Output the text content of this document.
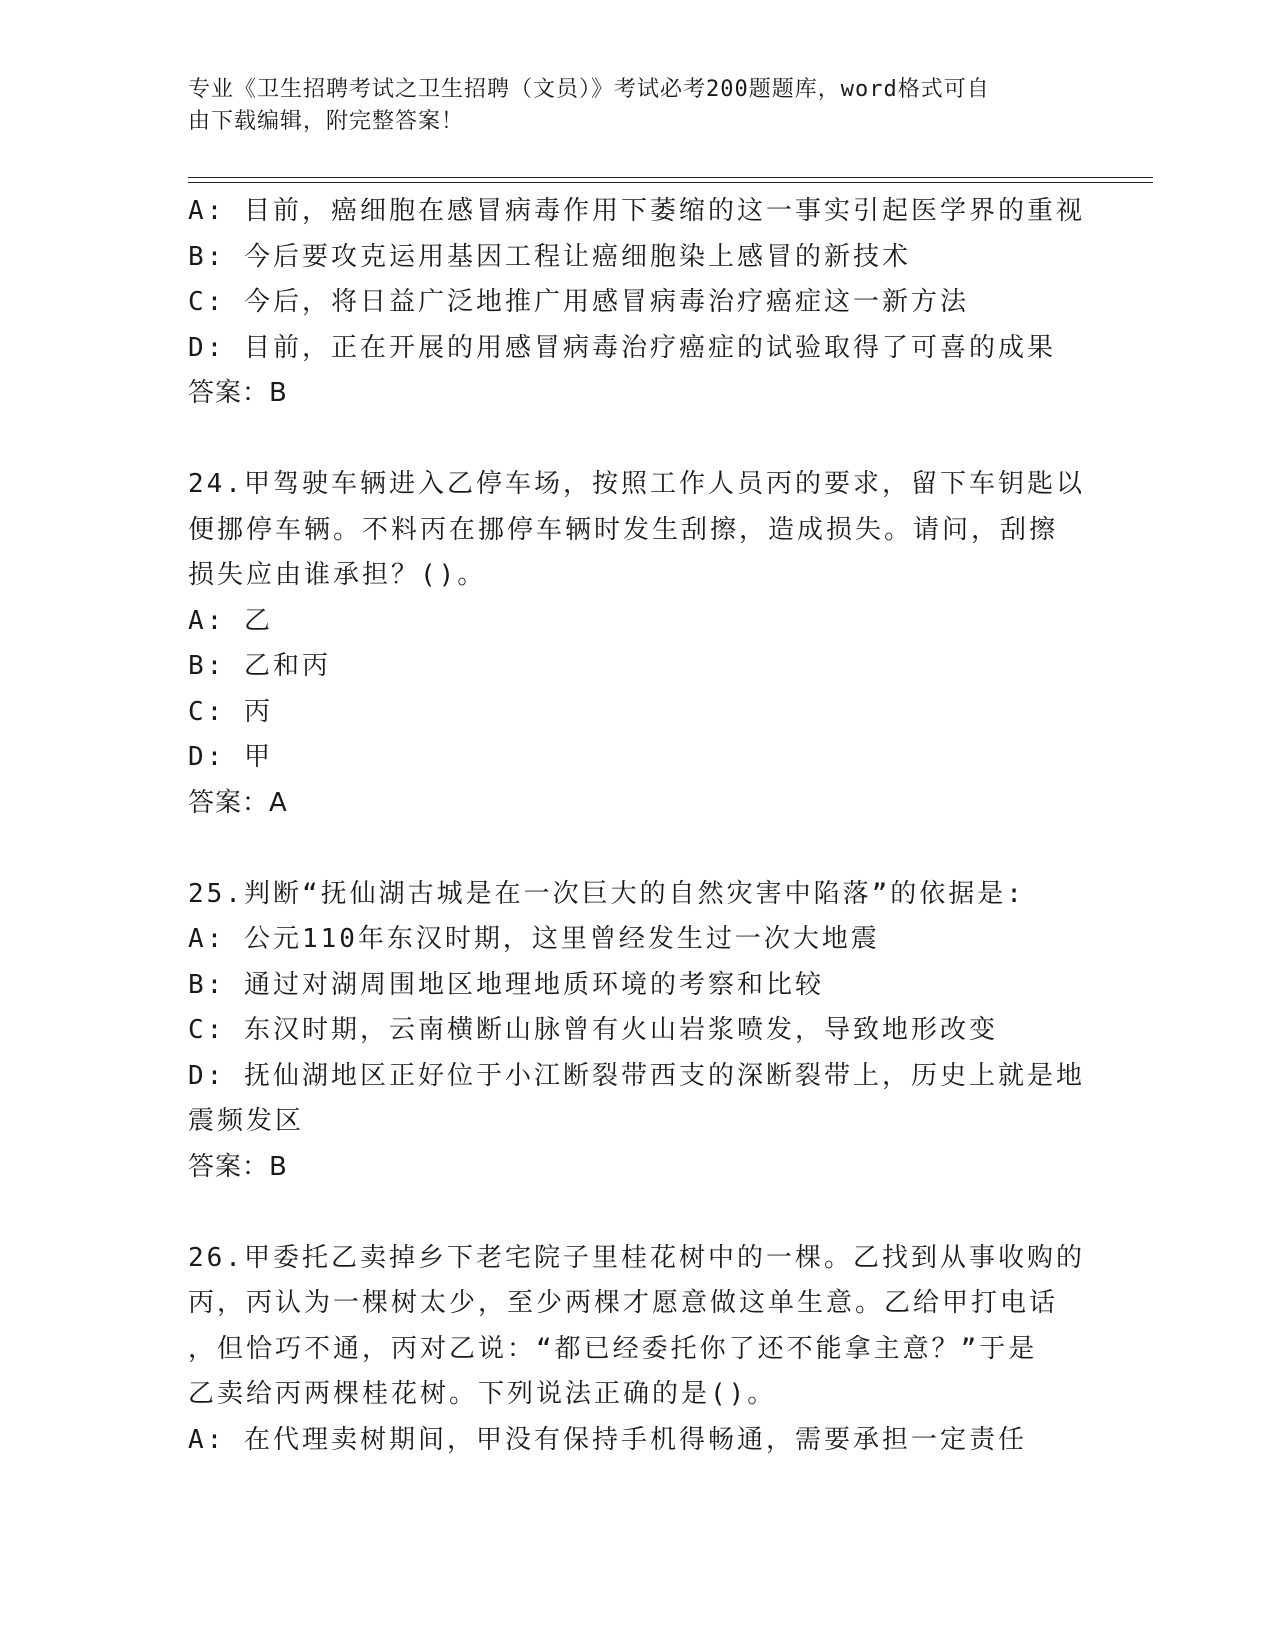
专业《卫生招聘考试之卫生招聘（文员）》考试必考200题题库，word格式可自
由下载编辑，附完整答案！
A: 目前，癌细胞在感冒病毒作用下萎缩的这一事实引起医学界的重视
B: 今后要攻克运用基因工程让癌细胞染上感冒的新技术
C: 今后，将日益广泛地推广用感冒病毒治疗癌症这一新方法
D: 目前，正在开展的用感冒病毒治疗癌症的试验取得了可喜的成果
答案：B
24.甲驾驶车辆进入乙停车场，按照工作人员丙的要求，留下车钥匙以
便挪停车辆。不料丙在挪停车辆时发生刮擦，造成损失。请问，刮擦
损失应由谁承担？()。
A: 乙
B: 乙和丙
C: 丙
D: 甲
答案：A
25.判断“抚仙湖古城是在一次巨大的自然灾害中陷落”的依据是:
A: 公元110年东汉时期，这里曾经发生过一次大地震
B: 通过对湖周围地区地理地质环境的考察和比较
C: 东汉时期，云南横断山脉曾有火山岩浆喷发，导致地形改变
D: 抚仙湖地区正好位于小江断裂带西支的深断裂带上，历史上就是地
震频发区
答案：B
26.甲委托乙卖掉乡下老宅院子里桂花树中的一棵。乙找到从事收购的
丙，丙认为一棵树太少，至少两棵才愿意做这单生意。乙给甲打电话
，但恰巧不通，丙对乙说：“都已经委托你了还不能拿主意？”于是
乙卖给丙两棵桂花树。下列说法正确的是()。
A: 在代理卖树期间，甲没有保持手机得畅通，需要承担一定责任
